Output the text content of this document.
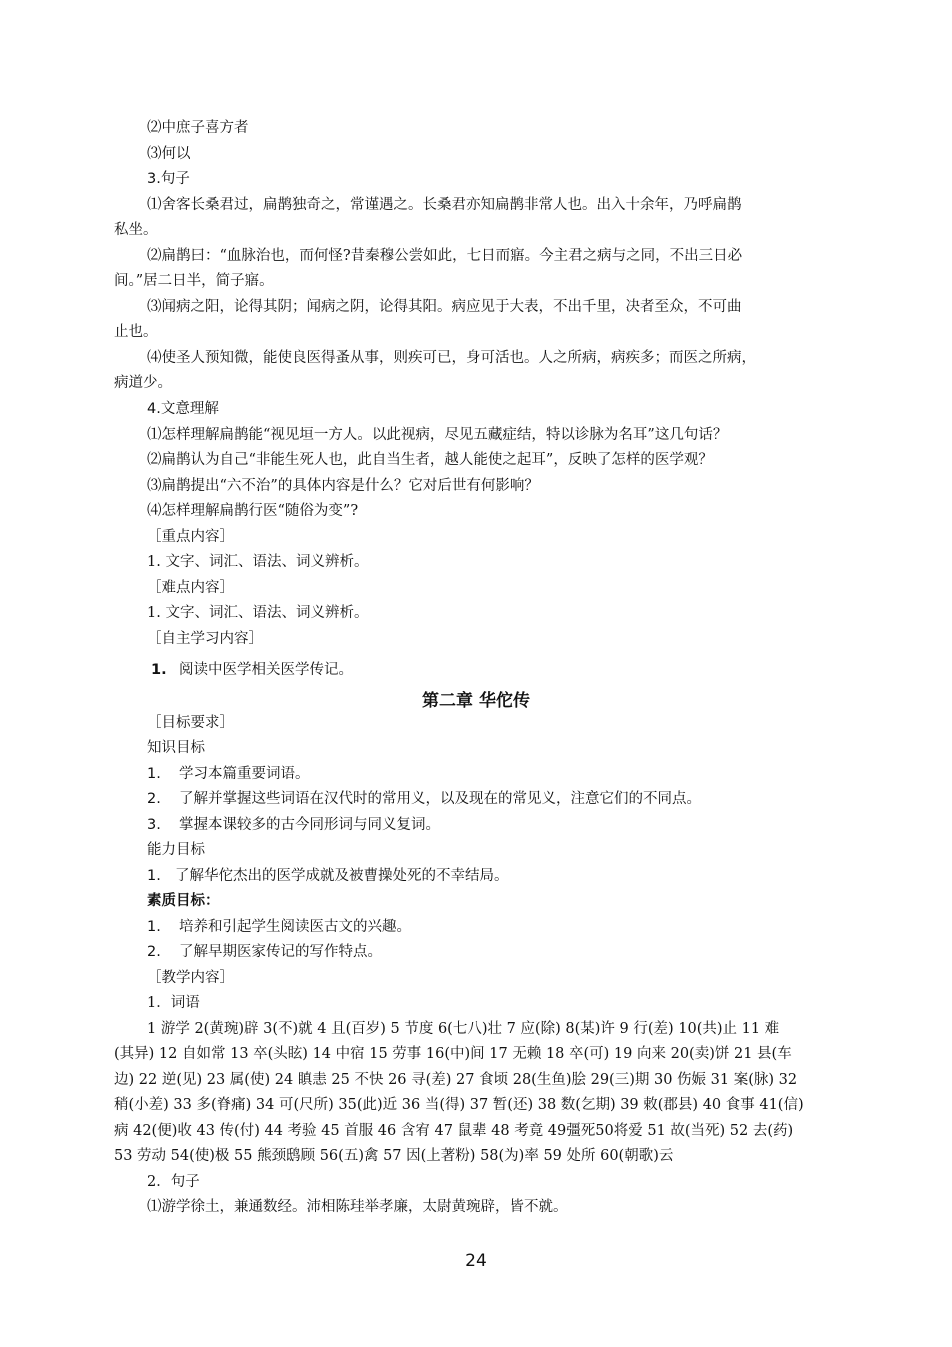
⑵中庶子喜方者
⑶何以
3.句子
⑴舍客长桑君过，扁鹊独奇之，常谨遇之。长桑君亦知扁鹊非常人也。出入十余年，乃呼扁鹊
私坐。
⑵扁鹊曰：“血脉治也，而何怪?昔秦穆公尝如此，七日而寤。今主君之病与之同，不出三日必
间。”居二日半，简子寤。
⑶闻病之阳，论得其阴；闻病之阴，论得其阳。病应见于大表，不出千里，决者至众，不可曲
止也。
⑷使圣人预知微，能使良医得蚤从事，则疾可已，身可活也。人之所病，病疾多；而医之所病，
病道少。
4.文意理解
⑴怎样理解扁鹊能“视见垣一方人。以此视病，尽见五藏症结，特以诊脉为名耳”这几句话？
⑵扁鹊认为自己“非能生死人也，此自当生者，越人能使之起耳”，反映了怎样的医学观？
⑶扁鹊提出“六不治”的具体内容是什么？它对后世有何影响？
⑷怎样理解扁鹊行医“随俗为变”?
［重点内容］
1. 文字、词汇、语法、词义辨析。
［难点内容］
1. 文字、词汇、语法、词义辨析。
［自主学习内容］
1. 阅读中医学相关医学传记。
第二章 华佗传
［目标要求］
知识目标
1. 学习本篇重要词语。
2. 了解并掌握这些词语在汉代时的常用义，以及现在的常见义，注意它们的不同点。
3. 掌握本课较多的古今同形词与同义复词。
能力目标
1. 了解华佗杰出的医学成就及被曹操处死的不幸结局。
素质目标：
1. 培养和引起学生阅读医古文的兴趣。
2. 了解早期医家传记的写作特点。
［教学内容］
1．词语
1 游学 2(黄琬)辟 3(不)就 4 且(百岁) 5 节度 6(七八)壮 7 应(除) 8(某)许 9 行(差) 10(共)止 11 难
(其异) 12 自如常 13 卒(头眩) 14 中宿 15 劳事 16(中)间 17 无赖 18 卒(可) 19 向来 20(卖)饼 21 县(车
边) 22 逆(见) 23 属(使) 24 瞋恚 25 不快 26 寻(差) 27 食顷 28(生鱼)脍 29(三)期 30 伤娠 31 案(脉) 32
稍(小差) 33 多(脊痛) 34 可(尺所) 35(此)近 36 当(得) 37 暂(还) 38 数(乞期) 39 敕(郡县) 40 食事 41(信)
病 42(便)收 43 传(付) 44 考验 45 首服 46 含宥 47 鼠辈 48 考竟 49彊死50将爱 51 故(当死) 52 去(药)
53 劳动 54(使)极 55 熊颈鸱顾 56(五)禽 57 因(上著粉) 58(为)率 59 处所 60(朝歌)云
2．句子
⑴游学徐土，兼通数经。沛相陈珪举孝廉，太尉黄琬辟，皆不就。
24
